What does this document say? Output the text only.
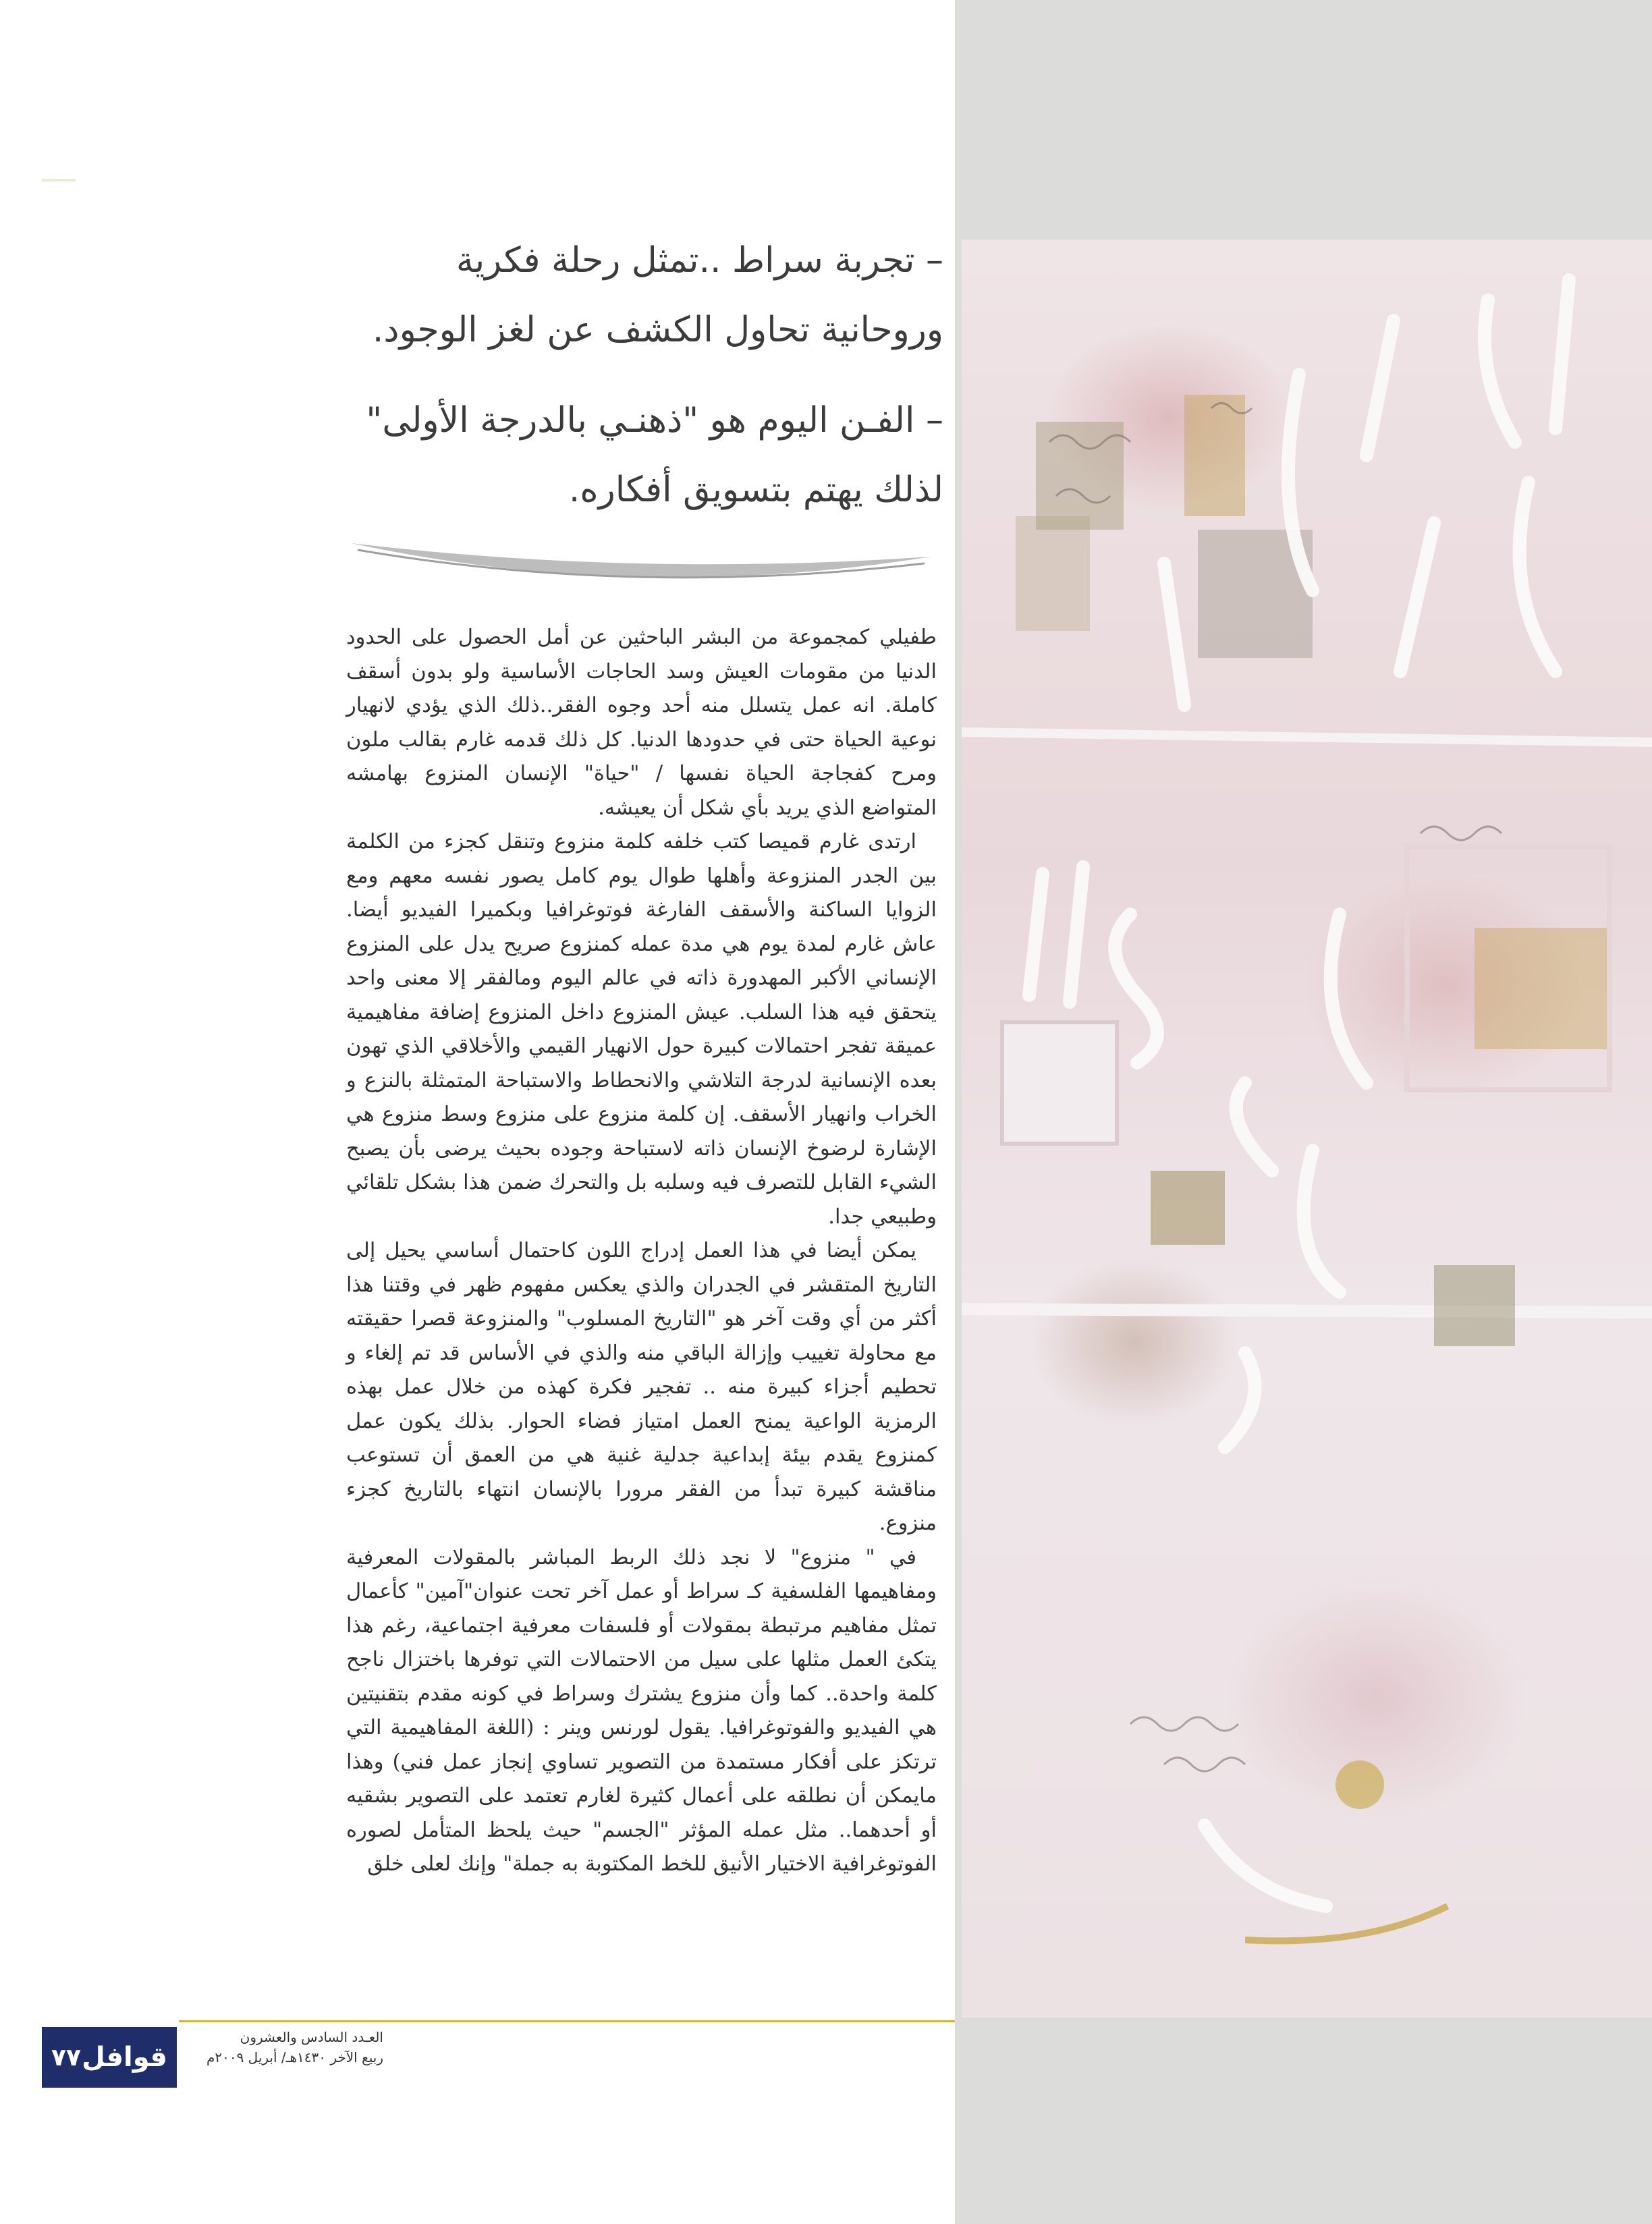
– تجربة سراط ..تمثل رحلة فكرية وروحانية تحاول الكشف عن لغز الوجود.

– الفـن اليوم هو "ذهنـي بالدرجة الأولى" لذلك يهتم بتسويق أفكاره.

طفيلي كمجموعة من البشر الباحثين عن أمل الحصول على الحدود الدنيا من مقومات العيش وسد الحاجات الأساسية ولو بدون أسقف كاملة. انه عمل يتسلل منه أحد وجوه الفقر..ذلك الذي يؤدي لانهيار نوعية الحياة حتى في حدودها الدنيا. كل ذلك قدمه غارم بقالب ملون ومرح كفجاجة الحياة نفسها / "حياة" الإنسان المنزوع بهامشه المتواضع الذي يريد بأي شكل أن يعيشه.

ارتدى غارم قميصا كتب خلفه كلمة منزوع وتنقل كجزء من الكلمة بين الجدر المنزوعة وأهلها طوال يوم كامل يصور نفسه معهم ومع الزوايا الساكنة والأسقف الفارغة فوتوغرافيا وبكميرا الفيديو أيضا. عاش غارم لمدة يوم هي مدة عمله كمنزوع صريح يدل على المنزوع الإنساني الأكبر المهدورة ذاته في عالم اليوم ومالفقر إلا معنى واحد يتحقق فيه هذا السلب. عيش المنزوع داخل المنزوع إضافة مفاهيمية عميقة تفجر احتمالات كبيرة حول الانهيار القيمي والأخلاقي الذي تهون بعده الإنسانية لدرجة التلاشي والانحطاط والاستباحة المتمثلة بالنزع و الخراب وانهيار الأسقف. إن كلمة منزوع على منزوع وسط منزوع هي الإشارة لرضوخ الإنسان ذاته لاستباحة وجوده بحيث يرضى بأن يصبح الشيء القابل للتصرف فيه وسلبه بل والتحرك ضمن هذا بشكل تلقائي وطبيعي جدا.

يمكن أيضا في هذا العمل إدراج اللون كاحتمال أساسي يحيل إلى التاريخ المتقشر في الجدران والذي يعكس مفهوم ظهر في وقتنا هذا أكثر من أي وقت آخر هو "التاريخ المسلوب" والمنزوعة قصرا حقيقته مع محاولة تغييب وإزالة الباقي منه والذي في الأساس قد تم إلغاء و تحطيم أجزاء كبيرة منه .. تفجير فكرة كهذه من خلال عمل بهذه الرمزية الواعية يمنح العمل امتياز فضاء الحوار. بذلك يكون عمل كمنزوع يقدم بيئة إبداعية جدلية غنية هي من العمق أن تستوعب مناقشة كبيرة تبدأ من الفقر مرورا بالإنسان انتهاء بالتاريخ كجزء منزوع.

في " منزوع" لا نجد ذلك الربط المباشر بالمقولات المعرفية ومفاهيمها الفلسفية كـ سراط أو عمل آخر تحت عنوان"آمين" كأعمال تمثل مفاهيم مرتبطة بمقولات أو فلسفات معرفية اجتماعية، رغم هذا يتكئ العمل مثلها على سيل من الاحتمالات التي توفرها باختزال ناجح كلمة واحدة.. كما وأن منزوع يشترك وسراط في كونه مقدم بتقنيتين هي الفيديو والفوتوغرافيا. يقول لورنس وينر : (اللغة المفاهيمية التي ترتكز على أفكار مستمدة من التصوير تساوي إنجاز عمل فني) وهذا مايمكن أن نطلقه على أعمال كثيرة لغارم تعتمد على التصوير بشقيه أو أحدهما.. مثل عمله المؤثر "الجسم" حيث يلحظ المتأمل لصوره الفوتوغرافية الاختيار الأنيق للخط المكتوبة به جملة" وإنك لعلى خلق

قوافل
٧٧
العـدد السادس والعشرون
ربيع الآخر ١٤٣٠هـ/ أبريل ٢٠٠٩م
